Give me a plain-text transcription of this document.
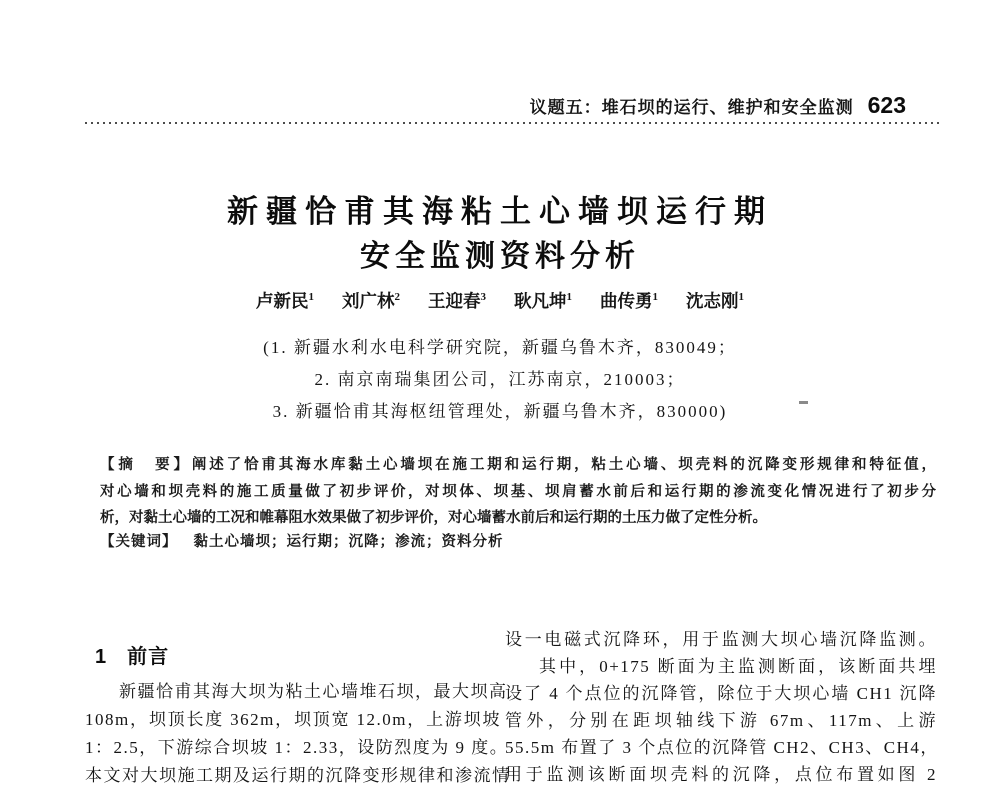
议题五：堆石坝的运行、维护和安全监测 623
新疆恰甫其海粘土心墙坝运行期
安全监测资料分析
卢新民$^1$ 刘广林$^2$ 王迎春$^3$ 耿凡坤$^1$ 曲传勇$^1$ 沈志刚$^1$
(1. 新疆水利水电科学研究院，新疆乌鲁木齐，830049；
2. 南京南瑞集团公司，江苏南京，210003；
3. 新疆恰甫其海枢纽管理处，新疆乌鲁木齐，830000)
【摘　要】阐述了恰甫其海水库黏土心墙坝在施工期和运行期，粘土心墙、坝壳料的沉降变形规律和特征值，
对心墙和坝壳料的施工质量做了初步评价，对坝体、坝基、坝肩蓄水前后和运行期的渗流变化情况进行了初步分
析，对黏土心墙的工况和帷幕阻水效果做了初步评价，对心墙蓄水前后和运行期的土压力做了定性分析。
【关键词】 黏土心墙坝；运行期；沉降；渗流；资料分析
1 前言
新疆恰甫其海大坝为粘土心墙堆石坝，最大坝高
108m，坝顶长度 362m，坝顶宽 12.0m，上游坝坡
1：2.5，下游综合坝坡 1：2.33，设防烈度为 9 度。
本文对大坝施工期及运行期的沉降变形规律和渗流情
设一电磁式沉降环，用于监测大坝心墙沉降监测。
其中，0+175 断面为主监测断面，该断面共埋
设了 4 个点位的沉降管，除位于大坝心墙 CH1 沉降
管外，分别在距坝轴线下游 67m、117m、上游
55.5m 布置了 3 个点位的沉降管 CH2、CH3、CH4，
用于监测该断面坝壳料的沉降，点位布置如图 2
